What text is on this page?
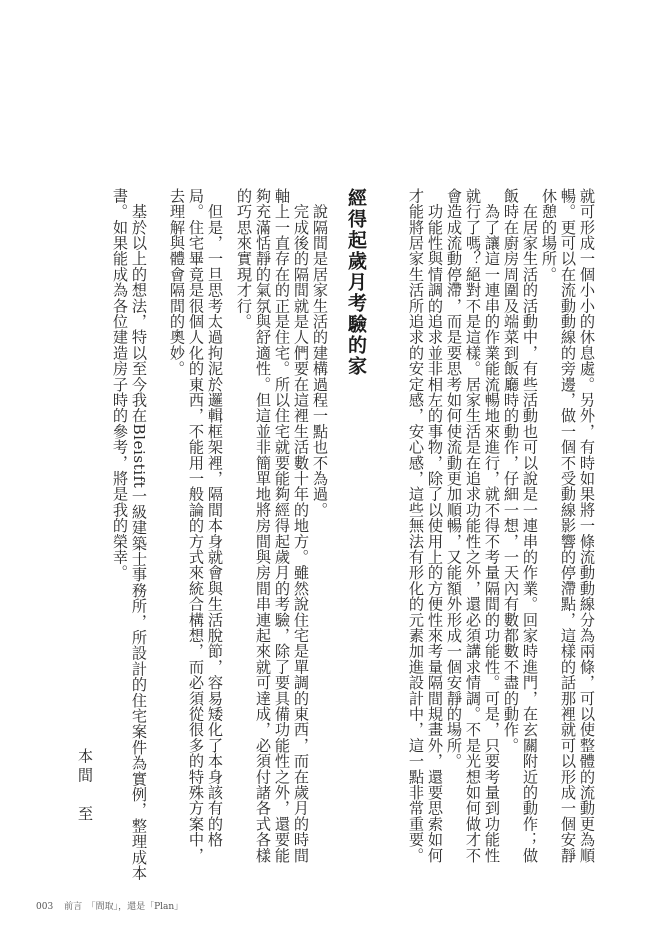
就可形成一個小小的休息處。另外，有時如果將一條流動動線分為兩條，可以使整體的流動更為順
暢。更可以在流動動線的旁邊，做一個不受動線影響的停滯點，這樣的話那裡就可以形成一個安靜
休憩的場所。
　在居家生活的活動中，有些活動也可以說是一連串的作業。回家時進門，在玄關附近的動作；做
飯時在廚房周圍及端菜到飯廳時的動作，仔細一想，一天內有數都數不盡的動作。
　為了讓這一連串的作業能流暢地來進行，就不得不考量隔間的功能性。可是，只要考量到功能性
就行了嗎？絕對不是這樣。居家生活是在追求功能性之外，還必須講求情調。不是光想如何做才不
會造成流動停滯，而是要思考如何使流動更加順暢，又能額外形成一個安靜的場所。
　功能性與情調的追求並非相左的事物，除了以使用上的方便性來考量隔間規畫外，還要思索如何
才能將居家生活所追求的安定感，安心感，這些無法有形化的元素加進設計中，這一點非常重要。
經得起歲月考驗的家
　說隔間是居家生活的建構過程一點也不為過。
　完成後的隔間就是人們要在這裡生活數十年的地方。雖然說住宅是單調的東西，而在歲月的時間
軸上一直存在的正是住宅。所以住宅就要能夠經得起歲月的考驗，除了要具備功能性之外，還要能
夠充滿恬靜的氣氛與舒適性。但這並非簡單地將房間與房間串連起來就可達成，必須付諸各式各樣
的巧思來實現才行。
　但是，一旦思考太過拘泥於邏輯框架裡，隔間本身就會與生活脫節，容易矮化了本身該有的格
局。住宅畢竟是很個人化的東西，不能用一般論的方式來統合構想，而必須從很多的特殊方案中，
去理解與體會隔間的奧妙。
　基於以上的想法，特以至今我在Bleistift一級建築士事務所，所設計的住宅案件為實例，整理成本
書。如果能成為各位建造房子時的參考，將是我的榮幸。
本間　至
003 前言　「間取」，還是「Plan」
